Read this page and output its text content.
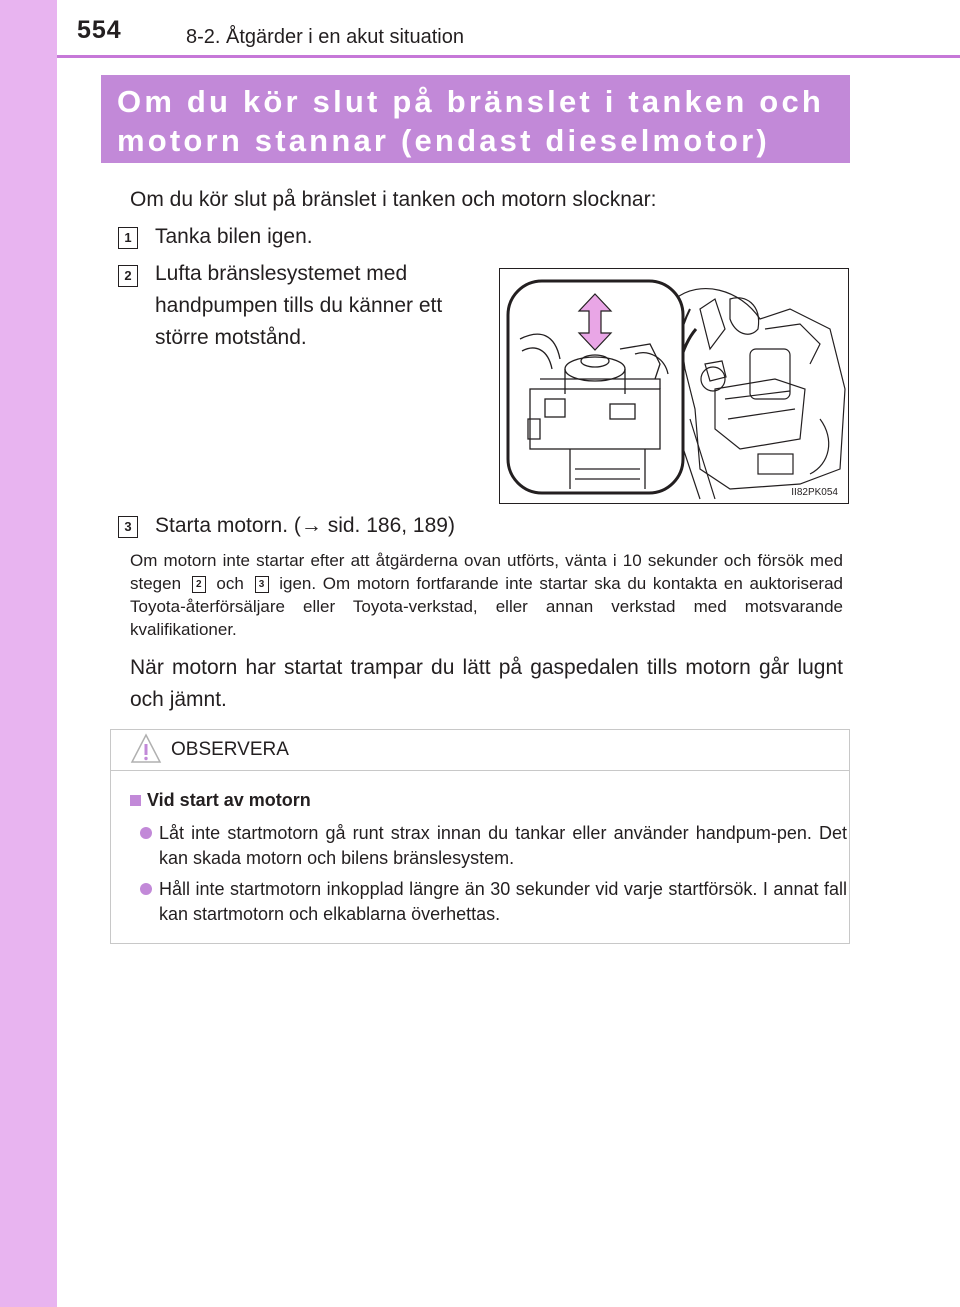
554	8-2. Åtgärder i en akut situation
Om du kör slut på bränslet i tanken och
motorn stannar (endast dieselmotor)
Om du kör slut på bränslet i tanken och motorn slocknar:
1	Tanka bilen igen.
2	Lufta bränslesystemet med
handpumpen tills du känner ett
större motstånd.
II82PK054
3	Starta motorn. (→ sid. 186, 189)
Om motorn inte startar efter att åtgärderna ovan utförts, vänta i 10 sekunder och försök med stegen 2 och 3 igen. Om motorn fortfarande inte startar ska du kontakta en auktoriserad Toyota-återförsäljare eller Toyota-verkstad, eller annan verkstad med motsvarande kvalifikationer.
När motorn har startat trampar du lätt på gaspedalen tills motorn går lugnt och jämnt.
OBSERVERA
Vid start av motorn
Låt inte startmotorn gå runt strax innan du tankar eller använder handpum-pen. Det kan skada motorn och bilens bränslesystem.
Håll inte startmotorn inkopplad längre än 30 sekunder vid varje startförsök. I annat fall kan startmotorn och elkablarna överhettas.
